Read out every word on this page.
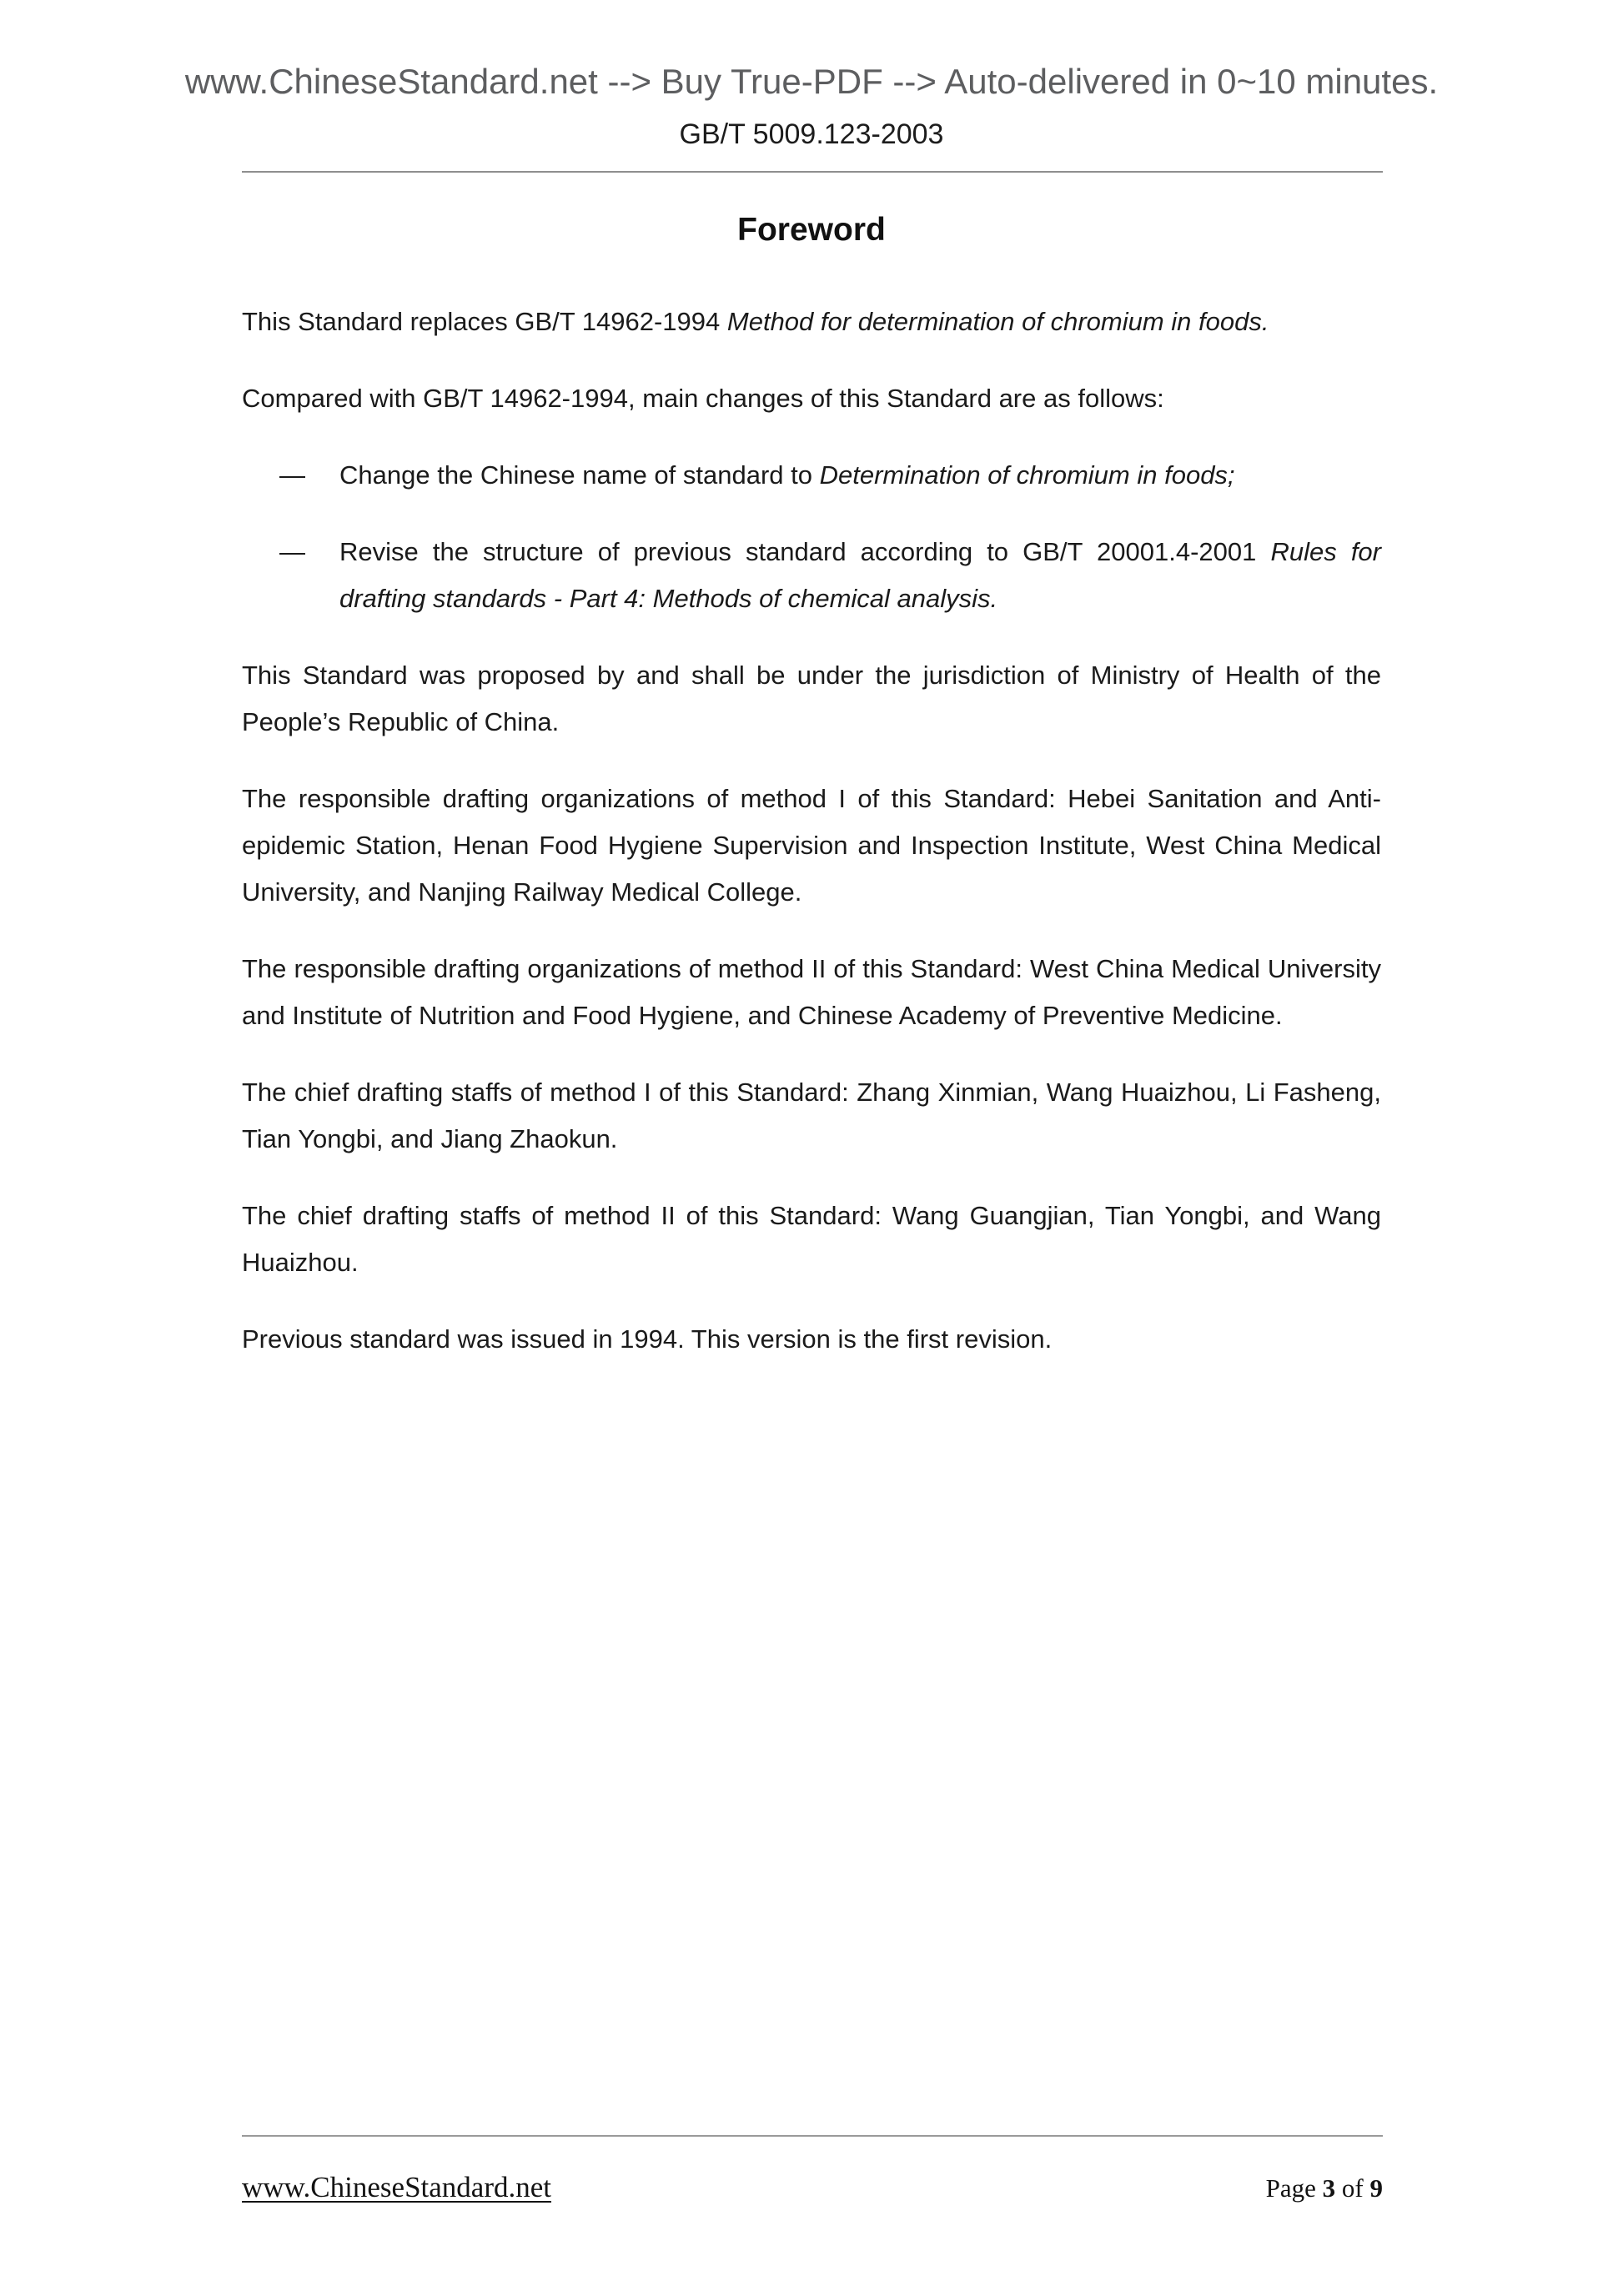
www.ChineseStandard.net --> Buy True-PDF --> Auto-delivered in 0~10 minutes.
GB/T 5009.123-2003
Foreword
This Standard replaces GB/T 14962-1994 Method for determination of chromium in foods.
Compared with GB/T 14962-1994, main changes of this Standard are as follows:
— Change the Chinese name of standard to Determination of chromium in foods;
— Revise the structure of previous standard according to GB/T 20001.4-2001 Rules for drafting standards - Part 4: Methods of chemical analysis.
This Standard was proposed by and shall be under the jurisdiction of Ministry of Health of the People’s Republic of China.
The responsible drafting organizations of method I of this Standard: Hebei Sanitation and Anti-epidemic Station, Henan Food Hygiene Supervision and Inspection Institute, West China Medical University, and Nanjing Railway Medical College.
The responsible drafting organizations of method II of this Standard: West China Medical University and Institute of Nutrition and Food Hygiene, and Chinese Academy of Preventive Medicine.
The chief drafting staffs of method I of this Standard: Zhang Xinmian, Wang Huaizhou, Li Fasheng, Tian Yongbi, and Jiang Zhaokun.
The chief drafting staffs of method II of this Standard: Wang Guangjian, Tian Yongbi, and Wang Huaizhou.
Previous standard was issued in 1994. This version is the first revision.
www.ChineseStandard.net	Page 3 of 9
